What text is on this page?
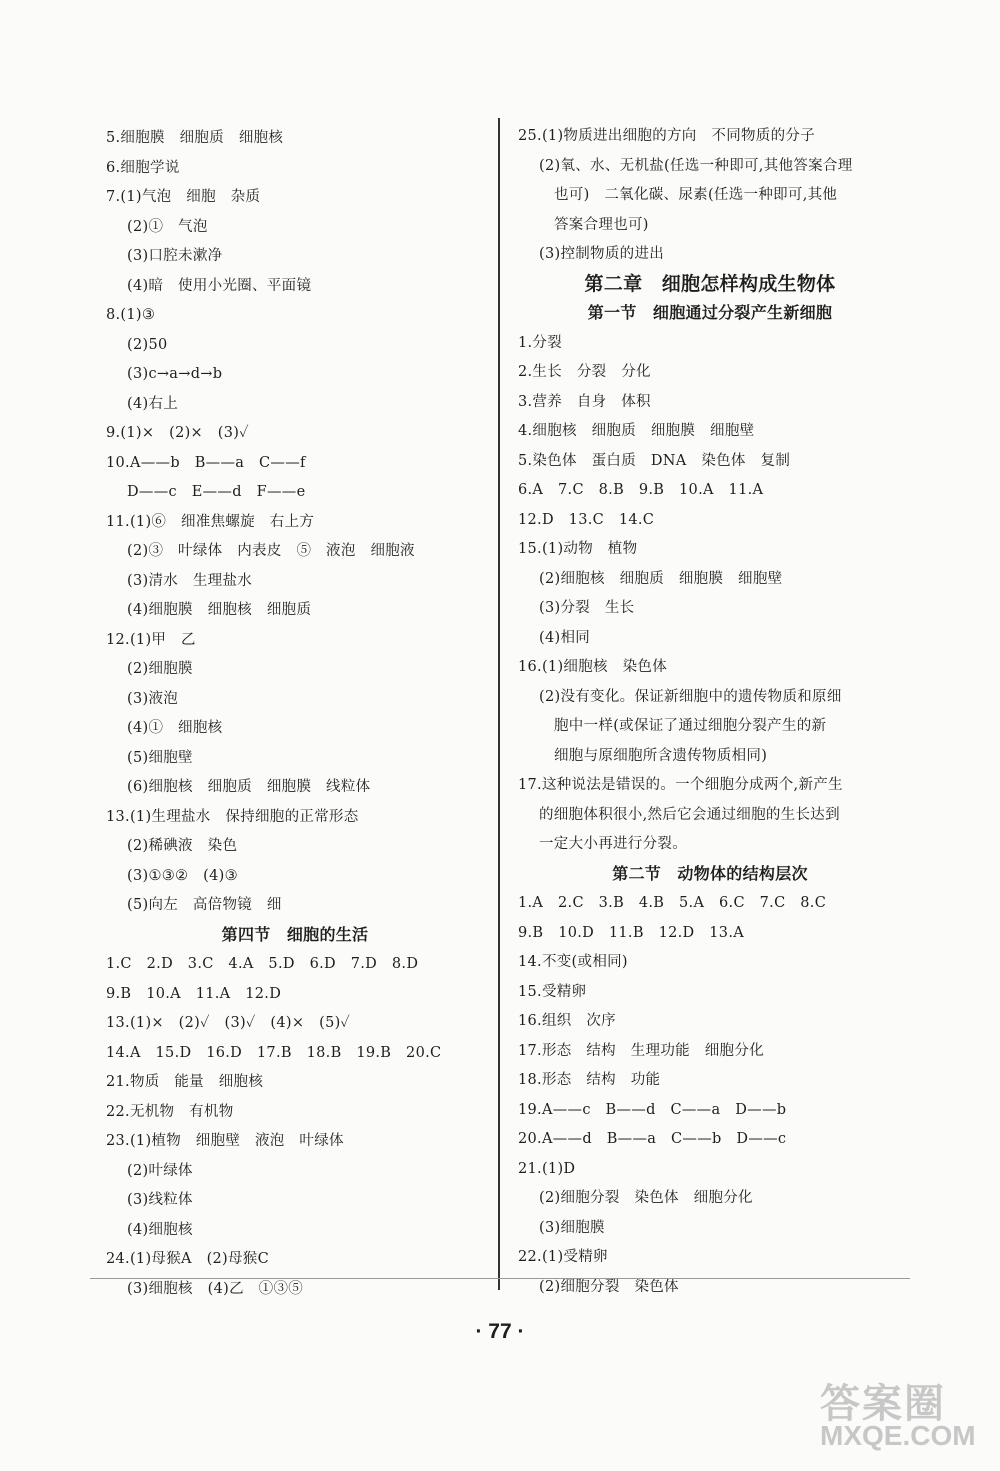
5.细胞膜　细胞质　细胞核
6.细胞学说
7.(1)气泡　细胞　杂质
(2)①　气泡
(3)口腔未漱净
(4)暗　使用小光圈、平面镜
8.(1)③
(2)50
(3)c→a→d→b
(4)右上
9.(1)×　(2)×　(3)✓
10.A——b　B——a　C——f
D——c　E——d　F——e
11.(1)⑥　细准焦螺旋　右上方
(2)③　叶绿体　内表皮　⑤　液泡　细胞液
(3)清水　生理盐水
(4)细胞膜　细胞核　细胞质
12.(1)甲　乙
(2)细胞膜
(3)液泡
(4)①　细胞核
(5)细胞壁
(6)细胞核　细胞质　细胞膜　线粒体
13.(1)生理盐水　保持细胞的正常形态
(2)稀碘液　染色
(3)①③②　(4)③
(5)向左　高倍物镜　细
第四节　细胞的生活
1.C　2.D　3.C　4.A　5.D　6.D　7.D　8.D
9.B　10.A　11.A　12.D
13.(1)×　(2)✓　(3)✓　(4)×　(5)✓
14.A　15.D　16.D　17.B　18.B　19.B　20.C
21.物质　能量　细胞核
22.无机物　有机物
23.(1)植物　细胞壁　液泡　叶绿体
(2)叶绿体
(3)线粒体
(4)细胞核
24.(1)母猴A　(2)母猴C
(3)细胞核　(4)乙　①③⑤
25.(1)物质进出细胞的方向　不同物质的分子
(2)氧、水、无机盐(任选一种即可,其他答案合理
也可)　二氧化碳、尿素(任选一种即可,其他
答案合理也可)
(3)控制物质的进出
第二章　细胞怎样构成生物体
第一节　细胞通过分裂产生新细胞
1.分裂
2.生长　分裂　分化
3.营养　自身　体积
4.细胞核　细胞质　细胞膜　细胞壁
5.染色体　蛋白质　DNA　染色体　复制
6.A　7.C　8.B　9.B　10.A　11.A
12.D　13.C　14.C
15.(1)动物　植物
(2)细胞核　细胞质　细胞膜　细胞壁
(3)分裂　生长
(4)相同
16.(1)细胞核　染色体
(2)没有变化。保证新细胞中的遗传物质和原细
胞中一样(或保证了通过细胞分裂产生的新
细胞与原细胞所含遗传物质相同)
17.这种说法是错误的。一个细胞分成两个,新产生
的细胞体积很小,然后它会通过细胞的生长达到
一定大小再进行分裂。
第二节　动物体的结构层次
1.A　2.C　3.B　4.B　5.A　6.C　7.C　8.C
9.B　10.D　11.B　12.D　13.A
14.不变(或相同)
15.受精卵
16.组织　次序
17.形态　结构　生理功能　细胞分化
18.形态　结构　功能
19.A——c　B——d　C——a　D——b
20.A——d　B——a　C——b　D——c
21.(1)D
(2)细胞分裂　染色体　细胞分化
(3)细胞膜
22.(1)受精卵
(2)细胞分裂　染色体
· 77 ·
答案圈
MXQE.COM
